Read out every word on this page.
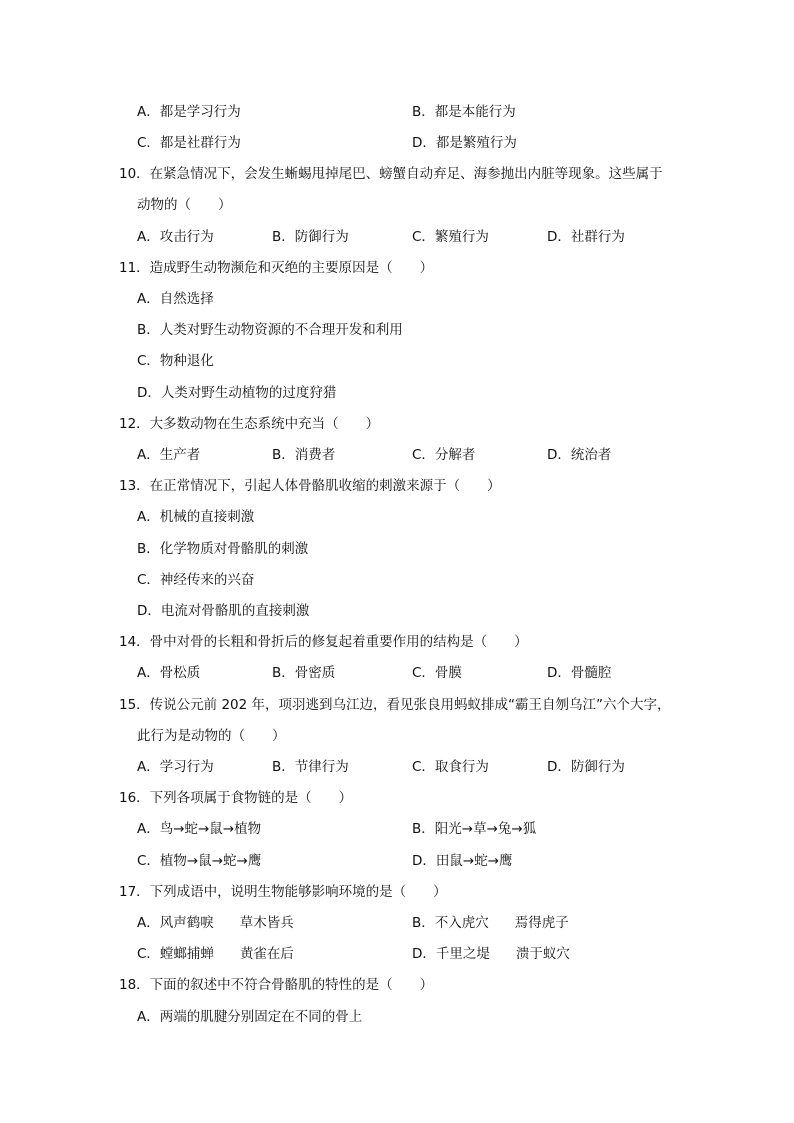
A．都是学习行为	B．都是本能行为
C．都是社群行为	D．都是繁殖行为
10．在紧急情况下，会发生蜥蜴甩掉尾巴、螃蟹自动弃足、海参抛出内脏等现象。这些属于
动物的（　　）
A．攻击行为	B．防御行为	C．繁殖行为	D．社群行为
11．造成野生动物濒危和灭绝的主要原因是（　　）
A．自然选择
B．人类对野生动物资源的不合理开发和利用
C．物种退化
D．人类对野生动植物的过度狩猎
12．大多数动物在生态系统中充当（　　）
A．生产者	B．消费者	C．分解者	D．统治者
13．在正常情况下，引起人体骨骼肌收缩的刺激来源于（　　）
A．机械的直接刺激
B．化学物质对骨骼肌的刺激
C．神经传来的兴奋
D．电流对骨骼肌的直接刺激
14．骨中对骨的长粗和骨折后的修复起着重要作用的结构是（　　）
A．骨松质	B．骨密质	C．骨膜	D．骨髓腔
15．传说公元前 202 年，项羽逃到乌江边，看见张良用蚂蚁排成“霸王自刎乌江”六个大字，
此行为是动物的（　　）
A．学习行为	B．节律行为	C．取食行为	D．防御行为
16．下列各项属于食物链的是（　　）
A．鸟→蛇→鼠→植物	B．阳光→草→兔→狐
C．植物→鼠→蛇→鹰	D．田鼠→蛇→鹰
17．下列成语中，说明生物能够影响环境的是（　　）
A．风声鹤唳 草木皆兵	B．不入虎穴 焉得虎子
C．螳螂捕蝉 黄雀在后	D．千里之堤 溃于蚁穴
18．下面的叙述中不符合骨骼肌的特性的是（　　）
A．两端的肌腱分别固定在不同的骨上
